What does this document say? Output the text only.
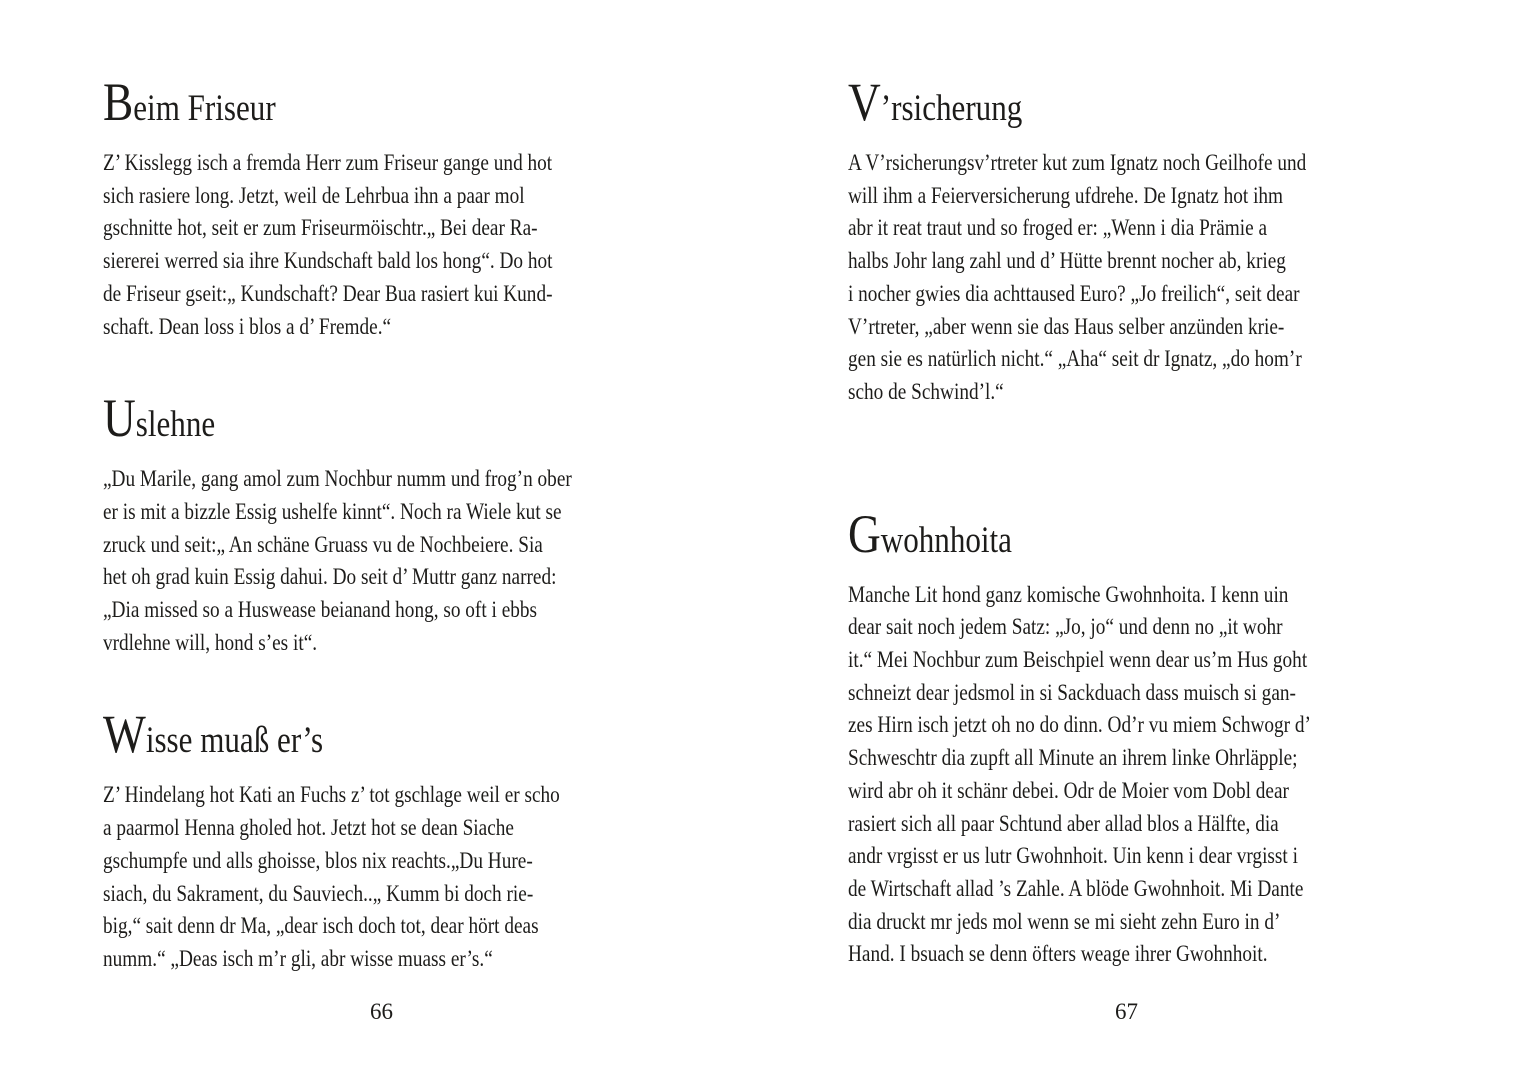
Beim Friseur

Z’ Kisslegg isch a fremda Herr zum Friseur gange und hot
sich rasiere long. Jetzt, weil de Lehrbua ihn a paar mol
gschnitte hot, seit er zum Friseurmöischtr.„ Bei dear Ra-
siererei werred sia ihre Kundschaft bald los hong“. Do hot
de Friseur gseit:„ Kundschaft? Dear Bua rasiert kui Kund-
schaft. Dean loss i blos a d’ Fremde.“

Uslehne

„Du Marile, gang amol zum Nochbur numm und frog’n ober
er is mit a bizzle Essig ushelfe kinnt“. Noch ra Wiele kut se
zruck und seit:„ An schäne Gruass vu de Nochbeiere. Sia
het oh grad kuin Essig dahui. Do seit d’ Muttr ganz narred:
„Dia missed so a Huswease beianand hong, so oft i ebbs
vrdlehne will, hond s’es it“.

Wisse muaß er’s

Z’ Hindelang hot Kati an Fuchs z’ tot gschlage weil er scho
a paarmol Henna gholed hot. Jetzt hot se dean Siache
gschumpfe und alls ghoisse, blos nix reachts.„Du Hure-
siach, du Sakrament, du Sauviech..„ Kumm bi doch rie-
big,“ sait denn dr Ma, „dear isch doch tot, dear hört deas
numm.“ „Deas isch m’r gli, abr wisse muass er’s.“

66
V’rsicherung

A V’rsicherungsv’rtreter kut zum Ignatz noch Geilhofe und
will ihm a Feierversicherung ufdrehe. De Ignatz hot ihm
abr it reat traut und so froged er: „Wenn i dia Prämie a
halbs Johr lang zahl und d’ Hütte brennt nocher ab, krieg
i nocher gwies dia achttaused Euro? „Jo freilich“, seit dear
V’rtreter, „aber wenn sie das Haus selber anzünden krie-
gen sie es natürlich nicht.“ „Aha“ seit dr Ignatz, „do hom’r
scho de Schwind’l.“

Gwohnhoita

Manche Lit hond ganz komische Gwohnhoita. I kenn uin
dear sait noch jedem Satz: „Jo, jo“ und denn no „it wohr
it.“ Mei Nochbur zum Beischpiel wenn dear us’m Hus goht
schneizt dear jedsmol in si Sackduach dass muisch si gan-
zes Hirn isch jetzt oh no do dinn. Od’r vu miem Schwogr d’
Schweschtr dia zupft all Minute an ihrem linke Ohrläpple;
wird abr oh it schänr debei. Odr de Moier vom Dobl dear
rasiert sich all paar Schtund aber allad blos a Hälfte, dia
andr vrgisst er us lutr Gwohnhoit. Uin kenn i dear vrgisst i
de Wirtschaft allad ’s Zahle. A blöde Gwohnhoit. Mi Dante
dia druckt mr jeds mol wenn se mi sieht zehn Euro in d’
Hand. I bsuach se denn öfters weage ihrer Gwohnhoit.

67
